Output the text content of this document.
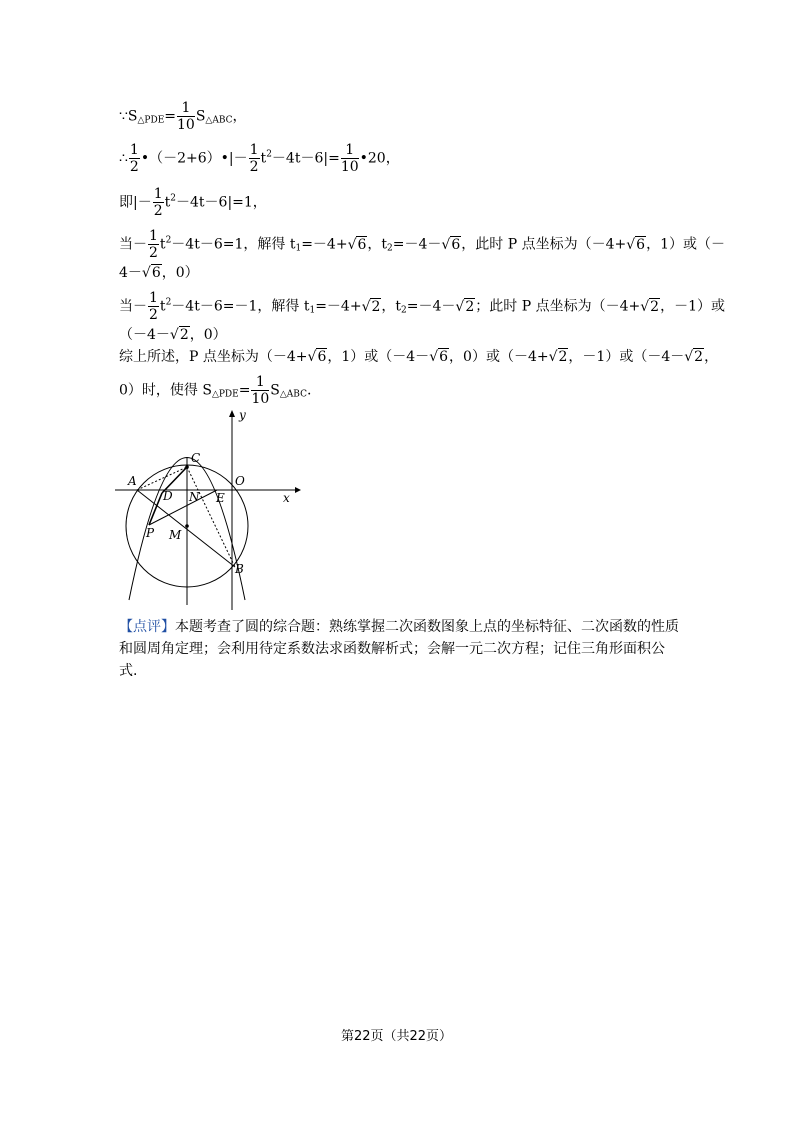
$\because S_{\triangle PDE}= \frac{1}{10} S_{\triangle ABC}$，
∴ $\frac{1}{2}$ •（－2+6）•|－ $\frac{1}{2} t^2-4t-6|= \frac{1}{10}$ •20，
即|－ $\frac{1}{2} t^2-4t-6|=1$，
当－ $\frac{1}{2} t^2-4t-6=1$，解得 $t_1=-4+√6$，$t_2=-4-√6$，此时 P 点坐标为（－4+√6，1）或（－
4－√6，0）
当－ $\frac{1}{2} t^2-4t-6=-1$，解得 $t_1=-4+√2$，$t_2=-4-√2$；此时 P 点坐标为（－4+√2，－1）或
（－4－√2，0）
综上所述，P 点坐标为（－4+√6，1）或（－4－√6，0）或（－4+√2，－1）或（－4－√2，
0）时，使得 $S_{\triangle PDE}= \frac{1}{10} S_{\triangle ABC}$.
y
x
C
O
A
D N E
P M
B
【点评】本题考查了圆的综合题：熟练掌握二次函数图象上点的坐标特征、二次函数的性质和圆周角定理；会利用待定系数法求函数解析式；会解一元二次方程；记住三角形面积公式.
第22页（共22页）
